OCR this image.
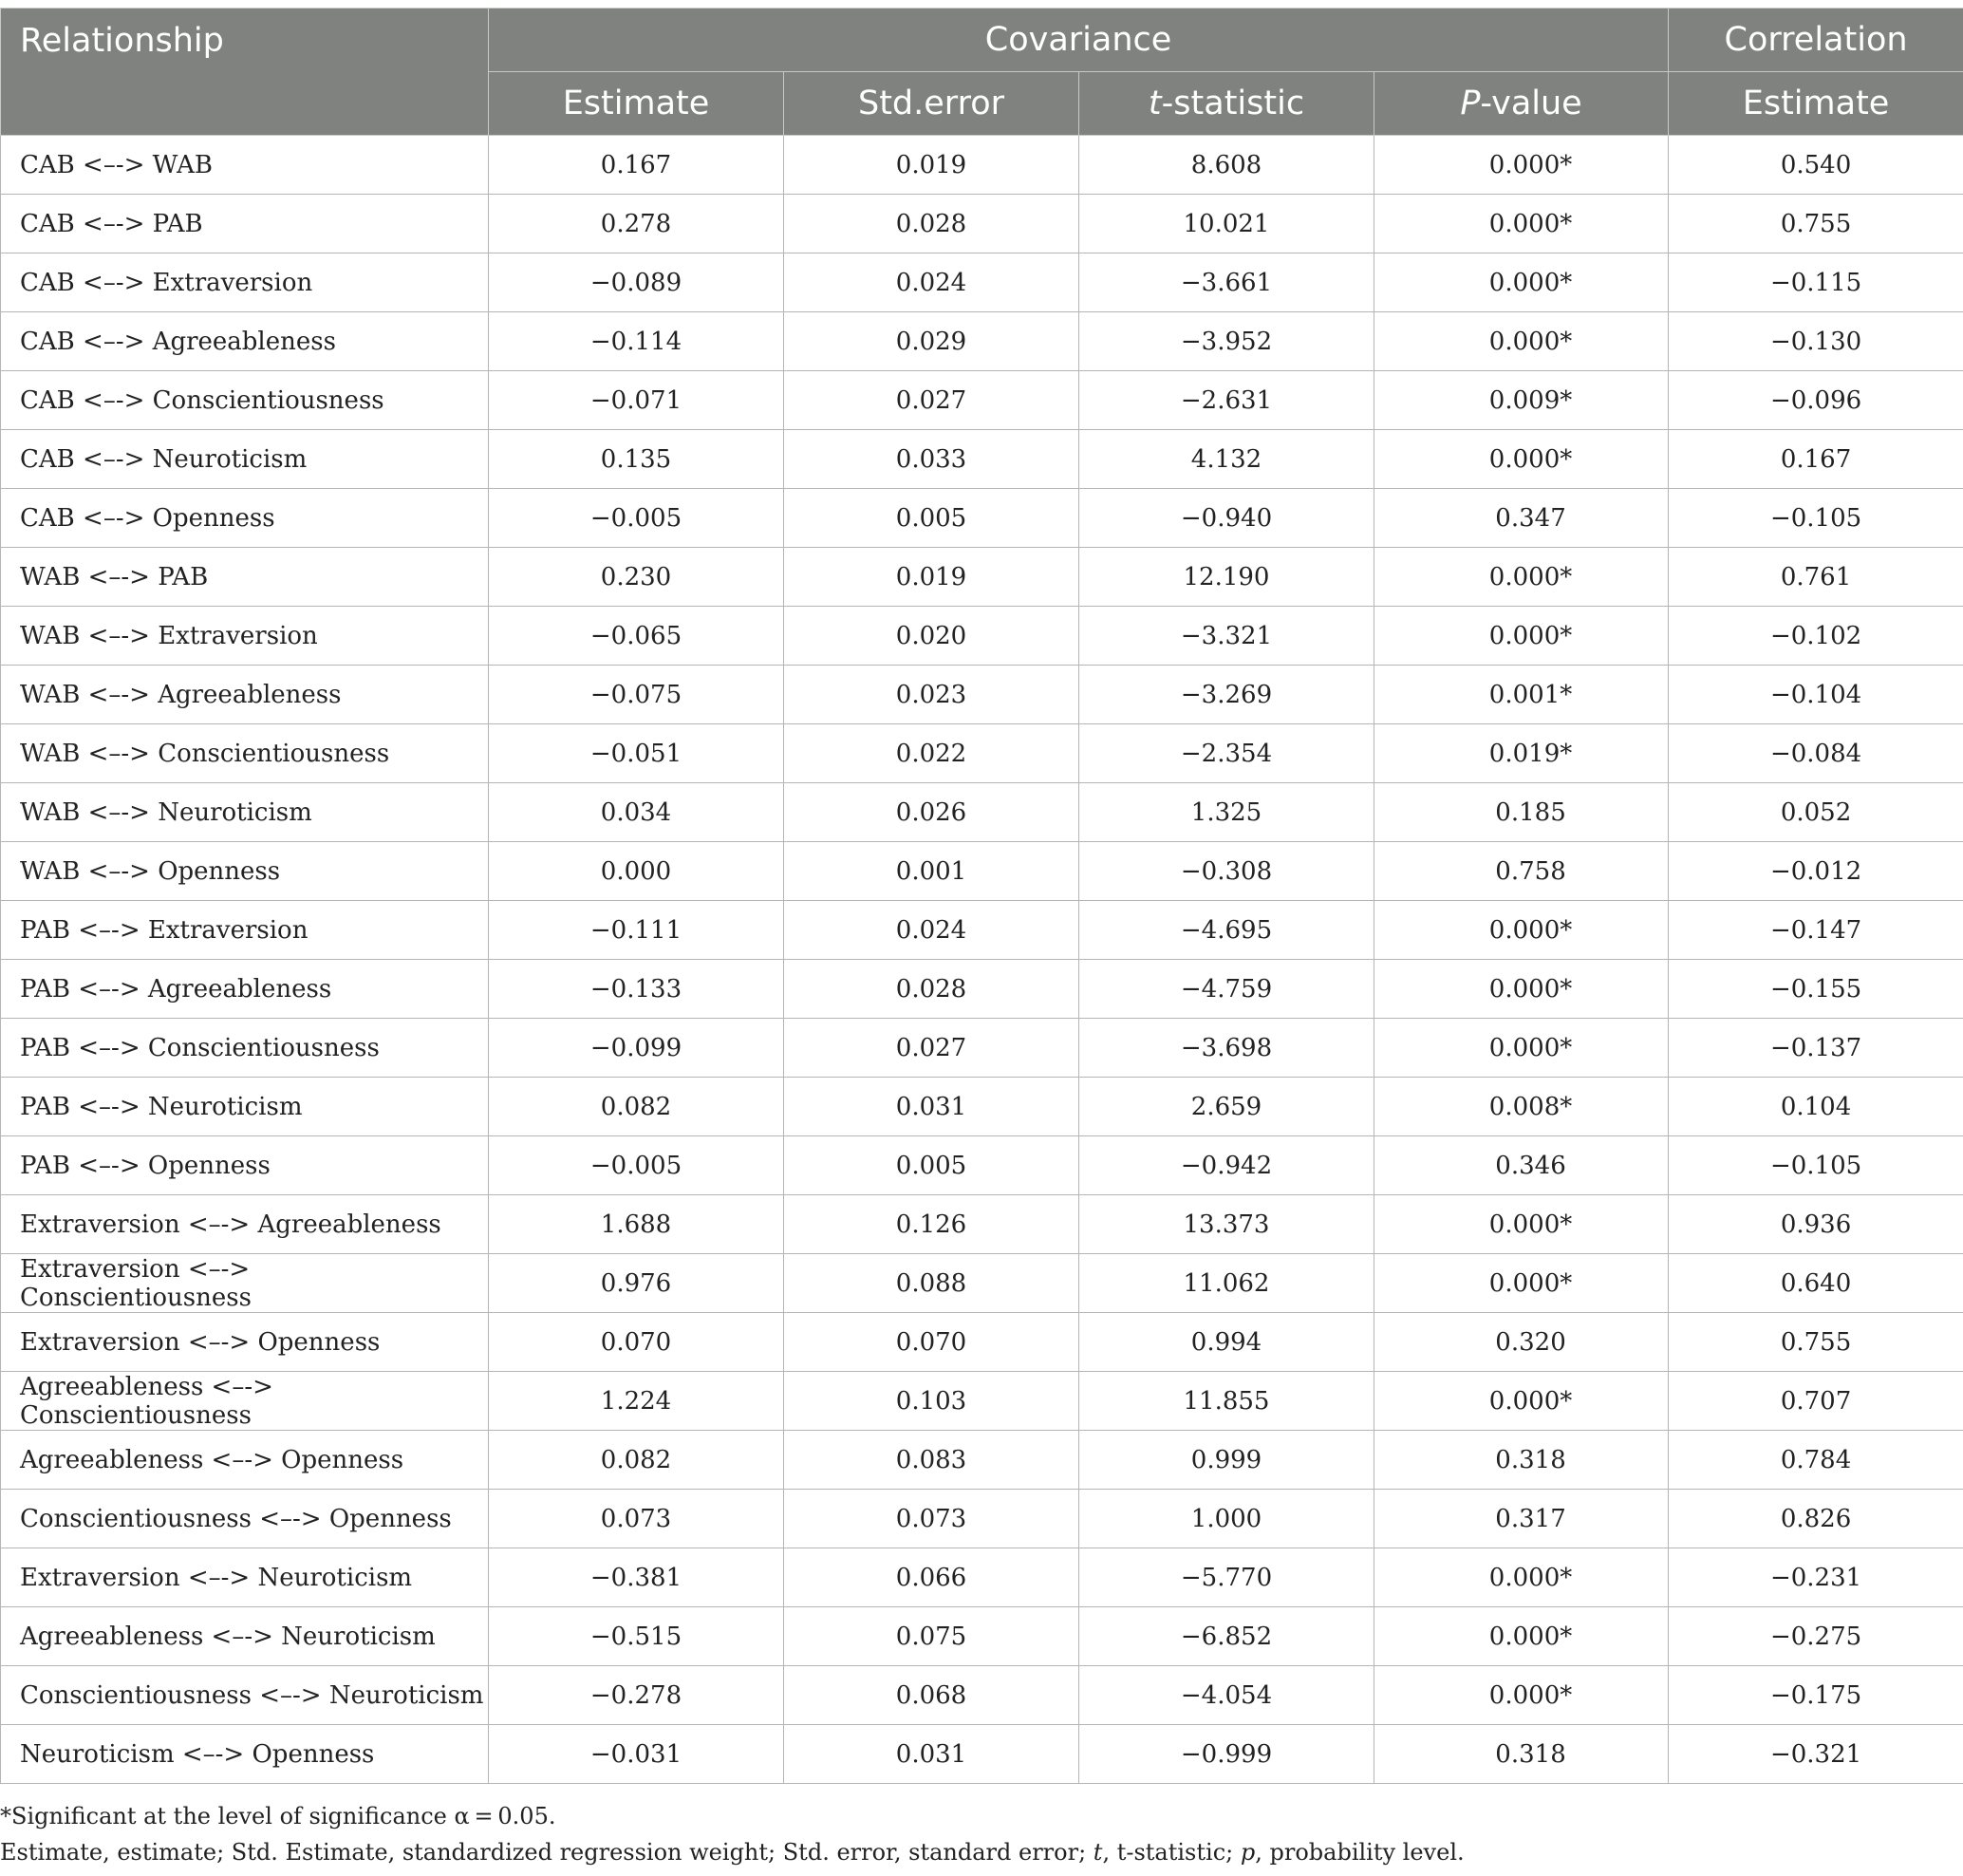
Relationship	Covariance				Correlation
	Estimate	Std.error	t-statistic	P-value	Estimate
CAB <–-> WAB	0.167	0.019	8.608	0.000*	0.540
CAB <–-> PAB	0.278	0.028	10.021	0.000*	0.755
CAB <–-> Extraversion	−0.089	0.024	−3.661	0.000*	−0.115
CAB <–-> Agreeableness	−0.114	0.029	−3.952	0.000*	−0.130
CAB <–-> Conscientiousness	−0.071	0.027	−2.631	0.009*	−0.096
CAB <–-> Neuroticism	0.135	0.033	4.132	0.000*	0.167
CAB <–-> Openness	−0.005	0.005	−0.940	0.347	−0.105
WAB <–-> PAB	0.230	0.019	12.190	0.000*	0.761
WAB <–-> Extraversion	−0.065	0.020	−3.321	0.000*	−0.102
WAB <–-> Agreeableness	−0.075	0.023	−3.269	0.001*	−0.104
WAB <–-> Conscientiousness	−0.051	0.022	−2.354	0.019*	−0.084
WAB <–-> Neuroticism	0.034	0.026	1.325	0.185	0.052
WAB <–-> Openness	0.000	0.001	−0.308	0.758	−0.012
PAB <–-> Extraversion	−0.111	0.024	−4.695	0.000*	−0.147
PAB <–-> Agreeableness	−0.133	0.028	−4.759	0.000*	−0.155
PAB <–-> Conscientiousness	−0.099	0.027	−3.698	0.000*	−0.137
PAB <–-> Neuroticism	0.082	0.031	2.659	0.008*	0.104
PAB <–-> Openness	−0.005	0.005	−0.942	0.346	−0.105
Extraversion <–-> Agreeableness	1.688	0.126	13.373	0.000*	0.936
Extraversion <–-> Conscientiousness	0.976	0.088	11.062	0.000*	0.640
Extraversion <–-> Openness	0.070	0.070	0.994	0.320	0.755
Agreeableness <–-> Conscientiousness	1.224	0.103	11.855	0.000*	0.707
Agreeableness <–-> Openness	0.082	0.083	0.999	0.318	0.784
Conscientiousness <–-> Openness	0.073	0.073	1.000	0.317	0.826
Extraversion <–-> Neuroticism	−0.381	0.066	−5.770	0.000*	−0.231
Agreeableness <–-> Neuroticism	−0.515	0.075	−6.852	0.000*	−0.275
Conscientiousness <–-> Neuroticism	−0.278	0.068	−4.054	0.000*	−0.175
Neuroticism <–-> Openness	−0.031	0.031	−0.999	0.318	−0.321
*Significant at the level of significance α = 0.05.
Estimate, estimate; Std. Estimate, standardized regression weight; Std. error, standard error; t, t-statistic; p, probability level.
